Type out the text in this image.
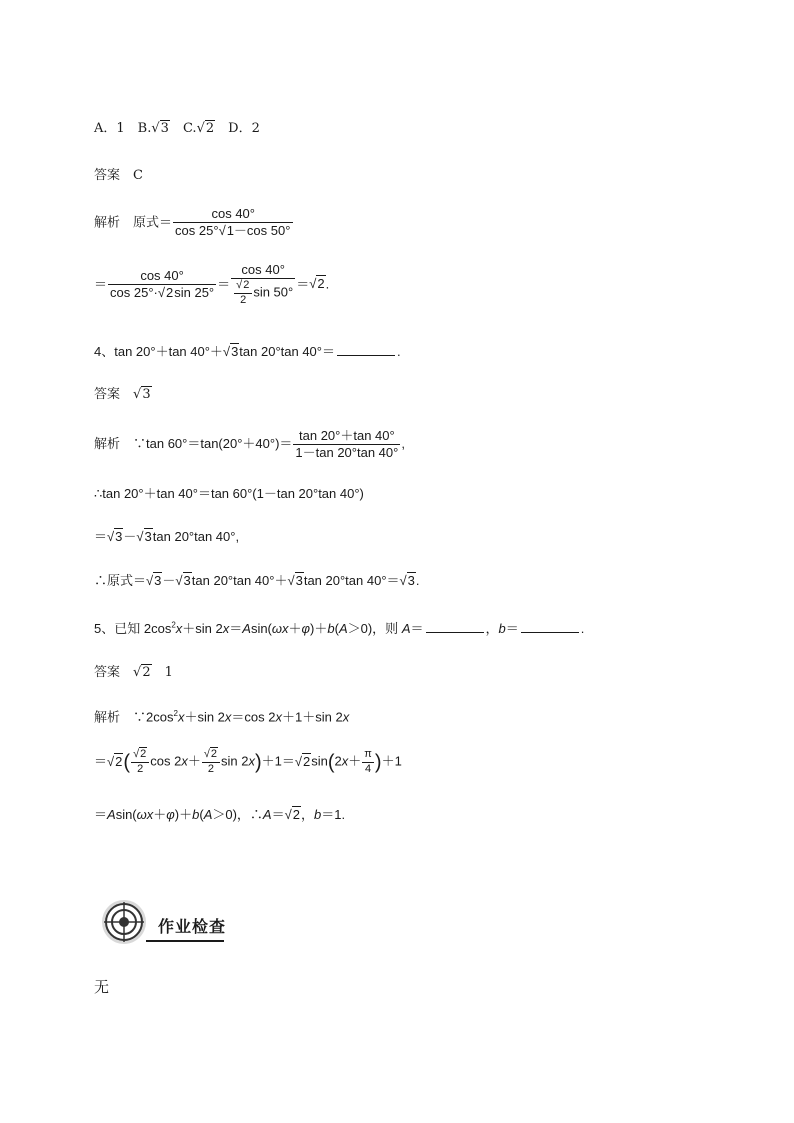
A．1　B.√3　C.√2　D．2
答案　 C
解析　 原式＝ $\frac{\cos 40^\circ}{\cos 25^\circ√1-\cos 50^\circ}$
＝ $\frac{\cos 40^\circ}{\cos 25^\circ\cdot√2\sin 25^\circ} = \frac{\cos 40^\circ}{\frac{√2}{2} \sin 50^\circ} =√2$.
4、tan 20°＋tan 40°＋√3tan 20°tan 40°＝	.
答案　 √3
解析　∵tan $60^\circ=\tan(20^\circ+40^\circ)= \frac{\tan 20^\circ+\tan 40^\circ}{1-\tan 20^\circ\tan 40^\circ}$ ,
∴tan 20°＋tan 40°＝tan 60°(1－tan 20°tan 40°)
＝√3－√3tan 20°tan 40°,
∴原式＝√3－√3tan 20°tan 40°＋√3tan 20°tan 40°＝√3.
5、已知 $2\cos^2x+\sin$ 2x＝Asin(ωx＋φ)＋b(A＞0)，则 A＝	，b＝	.
答案　 √2　 1
解析　$\because 2\cos^2x+\sin$ 2x＝cos 2x＋1＋sin 2x
$=√2( \frac{√2}{2}$ $\cos 2x+ \frac{√2}{2}$ $\sin 2x)+1=√2\sin(2x+ \frac{\pi}{4} )+1$
＝Asin(ωx＋φ)＋b(A＞0)，∴A＝√2，b＝1.
作业检查
无
